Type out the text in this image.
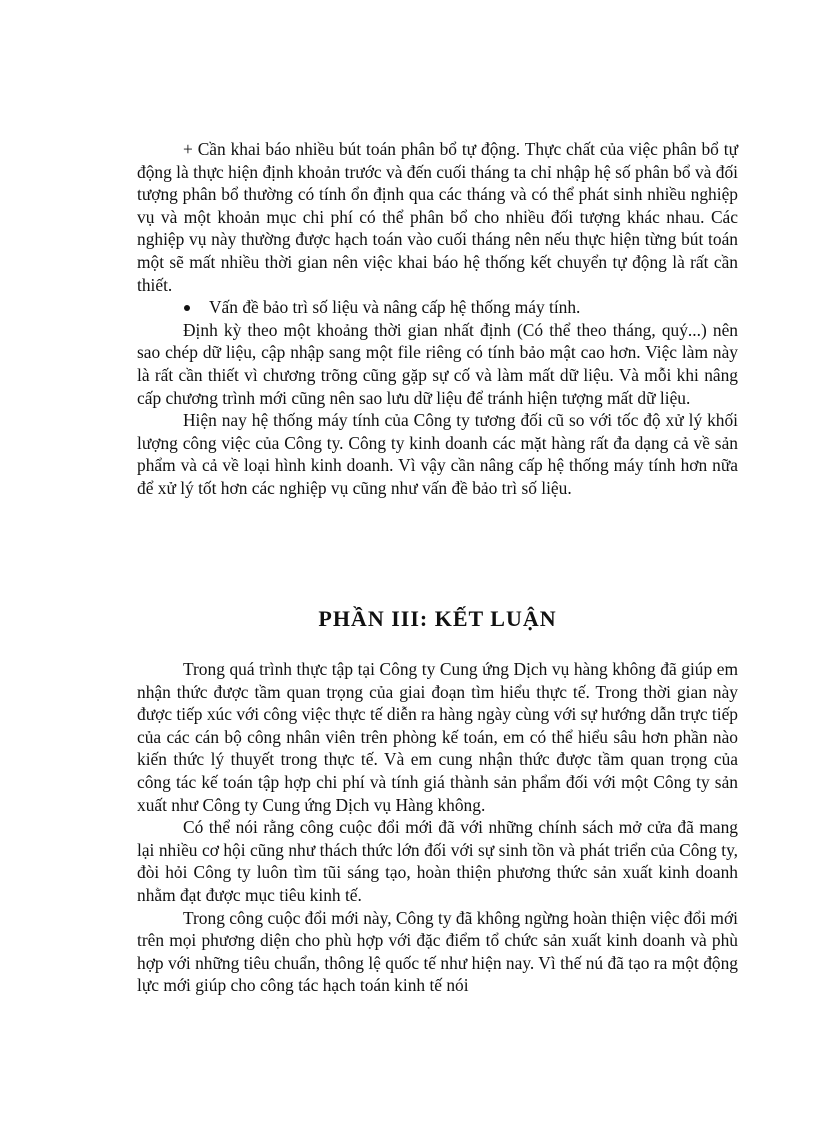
+ Cần khai báo nhiều bút toán phân bổ tự động. Thực chất của việc phân bổ tự động là thực hiện định khoản trước và đến cuối tháng ta chỉ nhập hệ số phân bổ và đối tượng phân bổ thường có tính ổn định qua các tháng và có thể phát sinh nhiều nghiệp vụ và một khoản mục chi phí có thể phân bổ cho nhiều đối tượng khác nhau. Các nghiệp vụ này thường được hạch toán vào cuối tháng nên nếu thực hiện từng bút toán một sẽ mất nhiều thời gian nên việc khai báo hệ thống kết chuyển tự động là rất cần thiết.

Vấn đề bảo trì số liệu và nâng cấp hệ thống máy tính.

Định kỳ theo một khoảng thời gian nhất định (Có thể theo tháng, quý...) nên sao chép dữ liệu, cập nhập sang một file riêng có tính bảo mật cao hơn. Việc làm này là rất cần thiết vì chương trõng cũng gặp sự cố và làm mất dữ liệu. Và mỗi khi nâng cấp chương trình mới cũng nên sao lưu dữ liệu để tránh hiện tượng mất dữ liệu.

Hiện nay hệ thống máy tính của Công ty tương đối cũ so với tốc độ xử lý khối lượng công việc của Công ty. Công ty kinh doanh các mặt hàng rất đa dạng cả về sản phẩm và cả về loại hình kinh doanh. Vì vậy cần nâng cấp hệ thống máy tính hơn nữa để xử lý tốt hơn các nghiệp vụ cũng như vấn đề bảo trì số liệu.

PHẦN III: KẾT LUẬN

Trong quá trình thực tập tại Công ty Cung ứng Dịch vụ hàng không đã giúp em nhận thức được tầm quan trọng của giai đoạn tìm hiểu thực tế. Trong thời gian này được tiếp xúc với công việc thực tế diễn ra hàng ngày cùng với sự hướng dẫn trực tiếp của các cán bộ công nhân viên trên phòng kế toán, em có thể hiểu sâu hơn phần nào kiến thức lý thuyết trong thực tế. Và em cung nhận thức được tầm quan trọng của công tác kế toán tập hợp chi phí và tính giá thành sản phẩm đối với một Công ty sản xuất như Công ty Cung ứng Dịch vụ Hàng không.

Có thể nói rằng công cuộc đổi mới đã với những chính sách mở cửa đã mang lại nhiều cơ hội cũng như thách thức lớn đối với sự sinh tồn và phát triển của Công ty, đòi hỏi Công ty luôn tìm tũi sáng tạo, hoàn thiện phương thức sản xuất kinh doanh nhằm đạt được mục tiêu kinh tế.

Trong công cuộc đổi mới này, Công ty đã không ngừng hoàn thiện việc đổi mới trên mọi phương diện cho phù hợp với đặc điểm tổ chức sản xuất kinh doanh và phù hợp với những tiêu chuẩn, thông lệ quốc tế như hiện nay. Vì thế nú đã tạo ra một động lực mới giúp cho công tác hạch toán kinh tế nói
